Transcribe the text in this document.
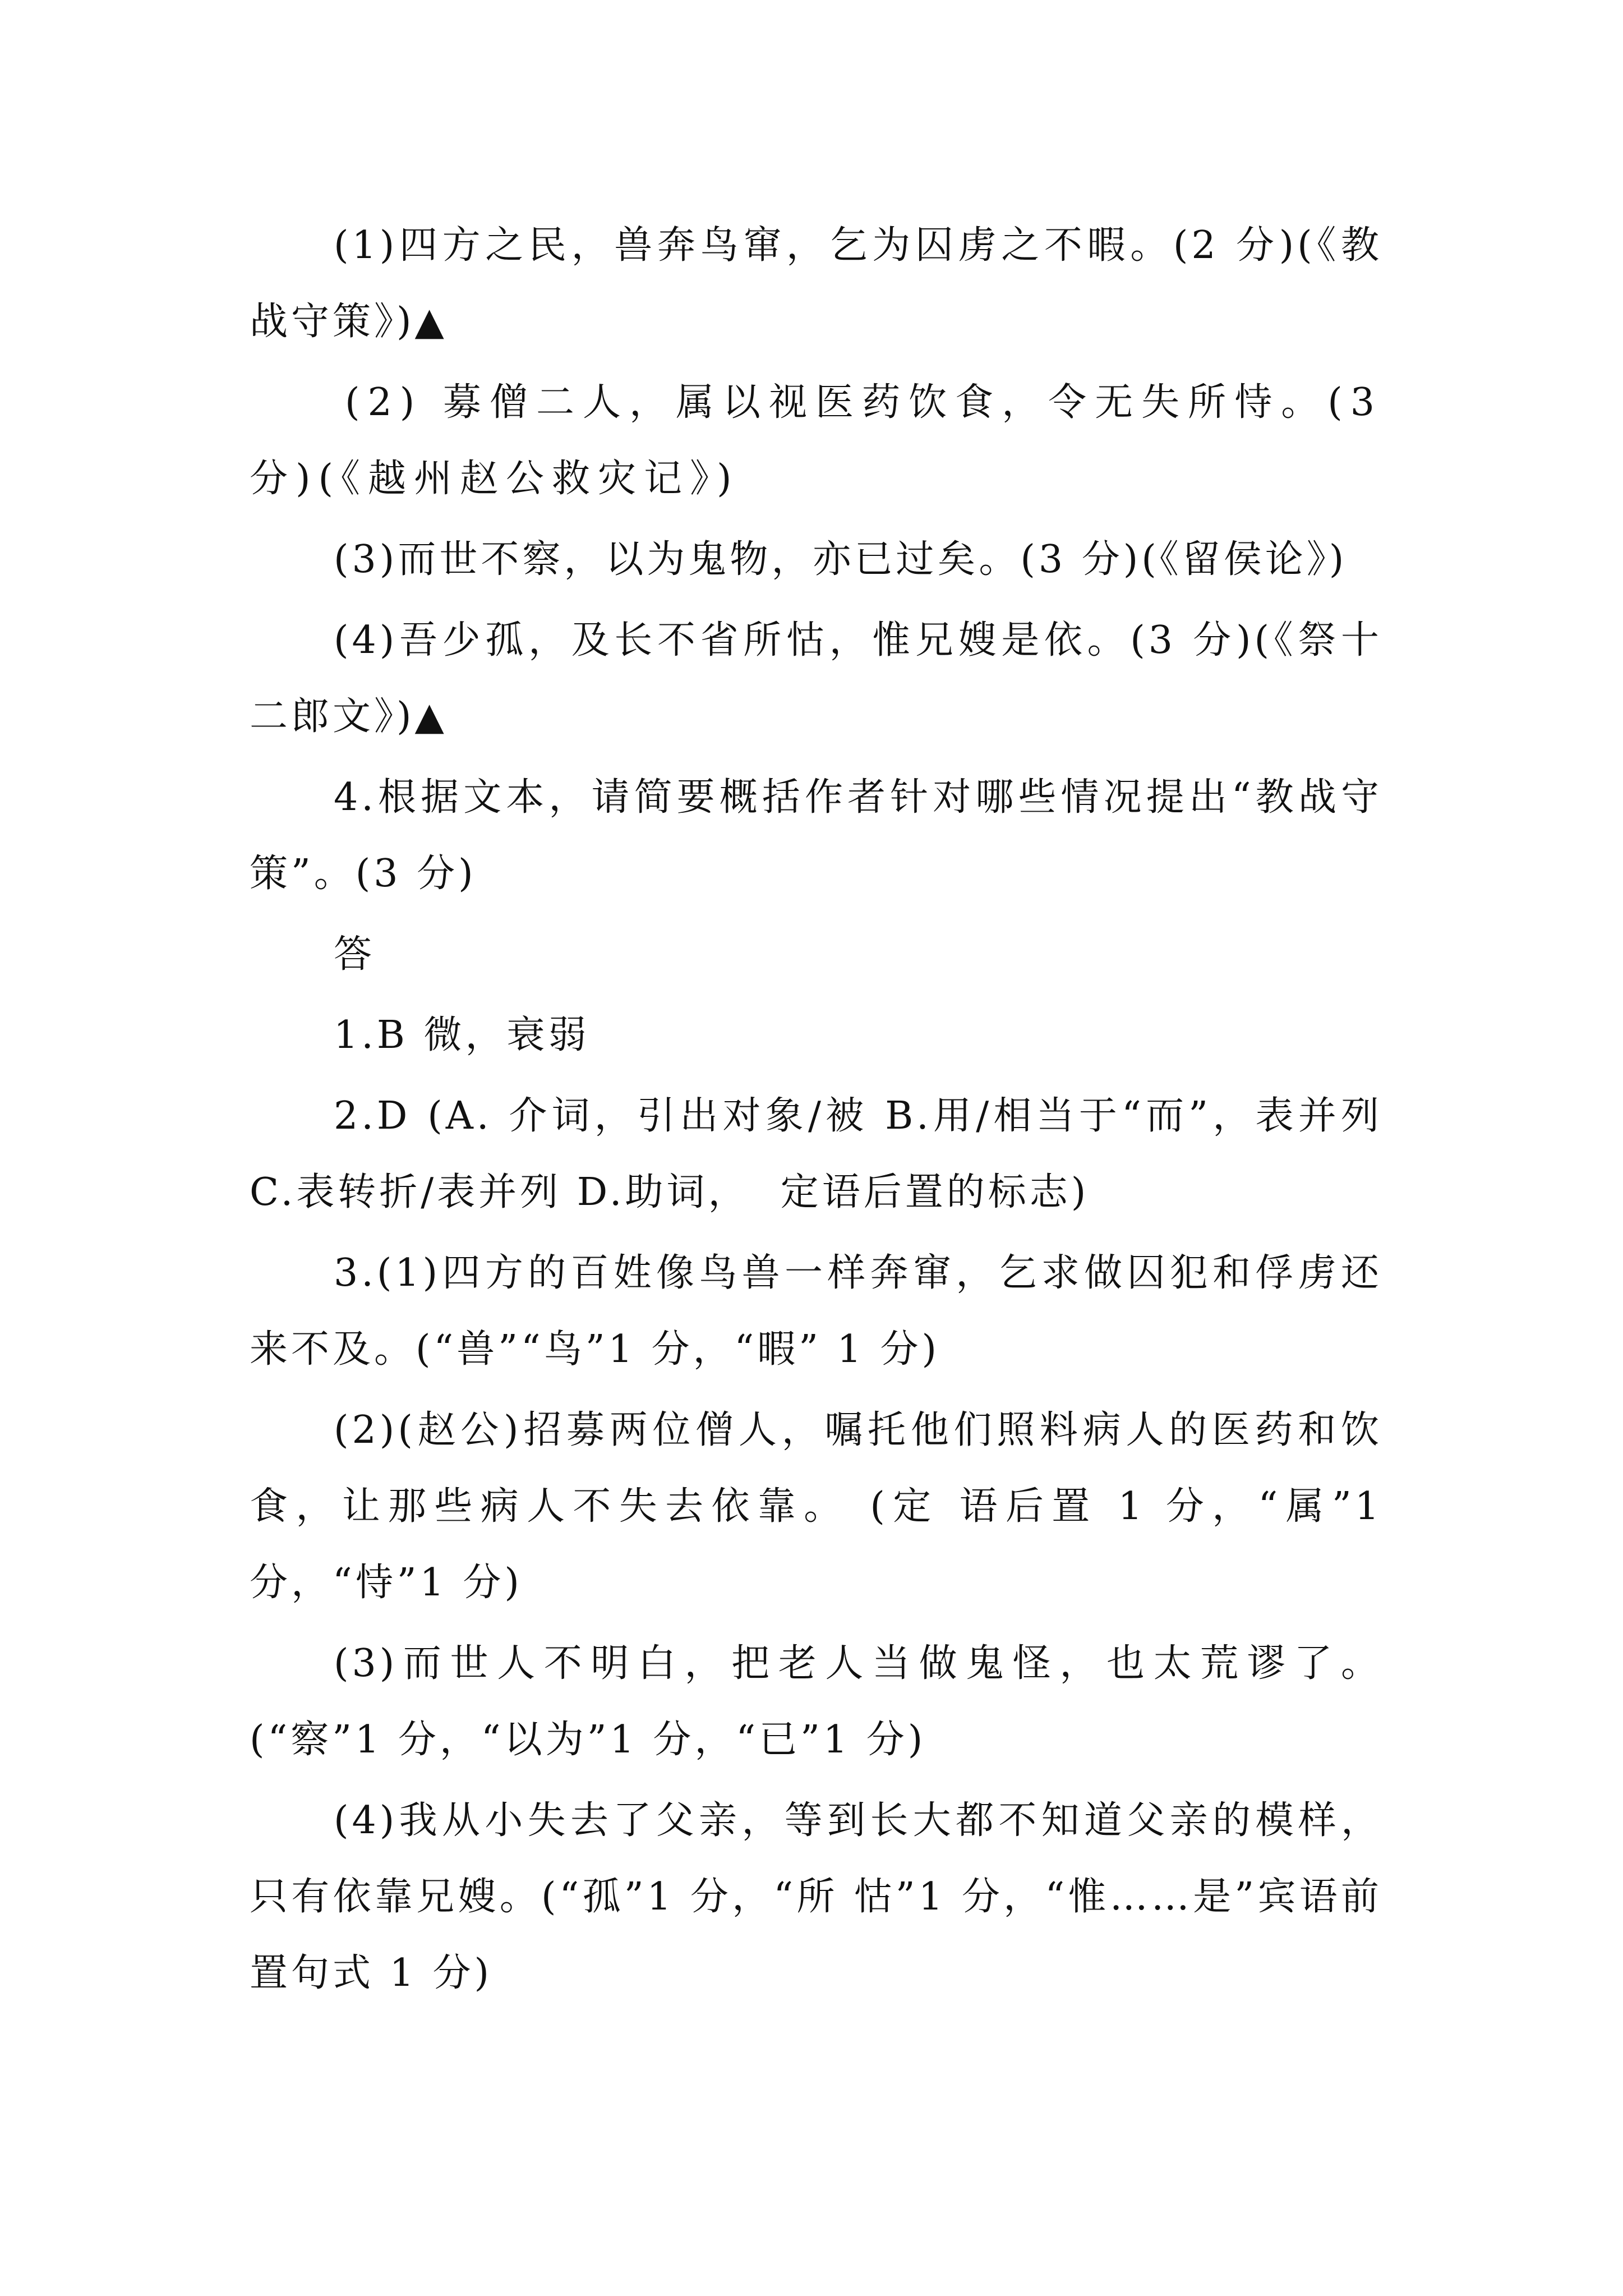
(1)四方之民，兽奔鸟窜，乞为囚虏之不暇。(2 分)(《教战守策》)▲

(2) 募僧二人，属以视医药饮食，令无失所恃。(3 分)(《越州赵公救灾记》)

(3)而世不察，以为鬼物，亦已过矣。(3 分)(《留侯论》)

(4)吾少孤，及长不省所怙，惟兄嫂是依。(3 分)(《祭十二郎文》)▲

4.根据文本，请简要概括作者针对哪些情况提出“教战守策”。(3 分)

答

1.B 微，衰弱

2.D (A. 介词，引出对象/被 B.用/相当于“而”，表并列 C.表转折/表并列 D.助词，  定语后置的标志)

3.(1)四方的百姓像鸟兽一样奔窜，乞求做囚犯和俘虏还来不及。(“兽”“鸟”1 分，“暇” 1 分)

(2)(赵公)招募两位僧人，嘱托他们照料病人的医药和饮食，让那些病人不失去依靠。 (定 语后置 1 分，“属”1 分，“恃”1 分)

(3)而世人不明白，把老人当做鬼怪，也太荒谬了。(“察”1 分，“以为”1 分，“已”1 分)

(4)我从小失去了父亲，等到长大都不知道父亲的模样，只有依靠兄嫂。(“孤”1 分，“所 怙”1 分，“惟……是”宾语前置句式 1 分)
